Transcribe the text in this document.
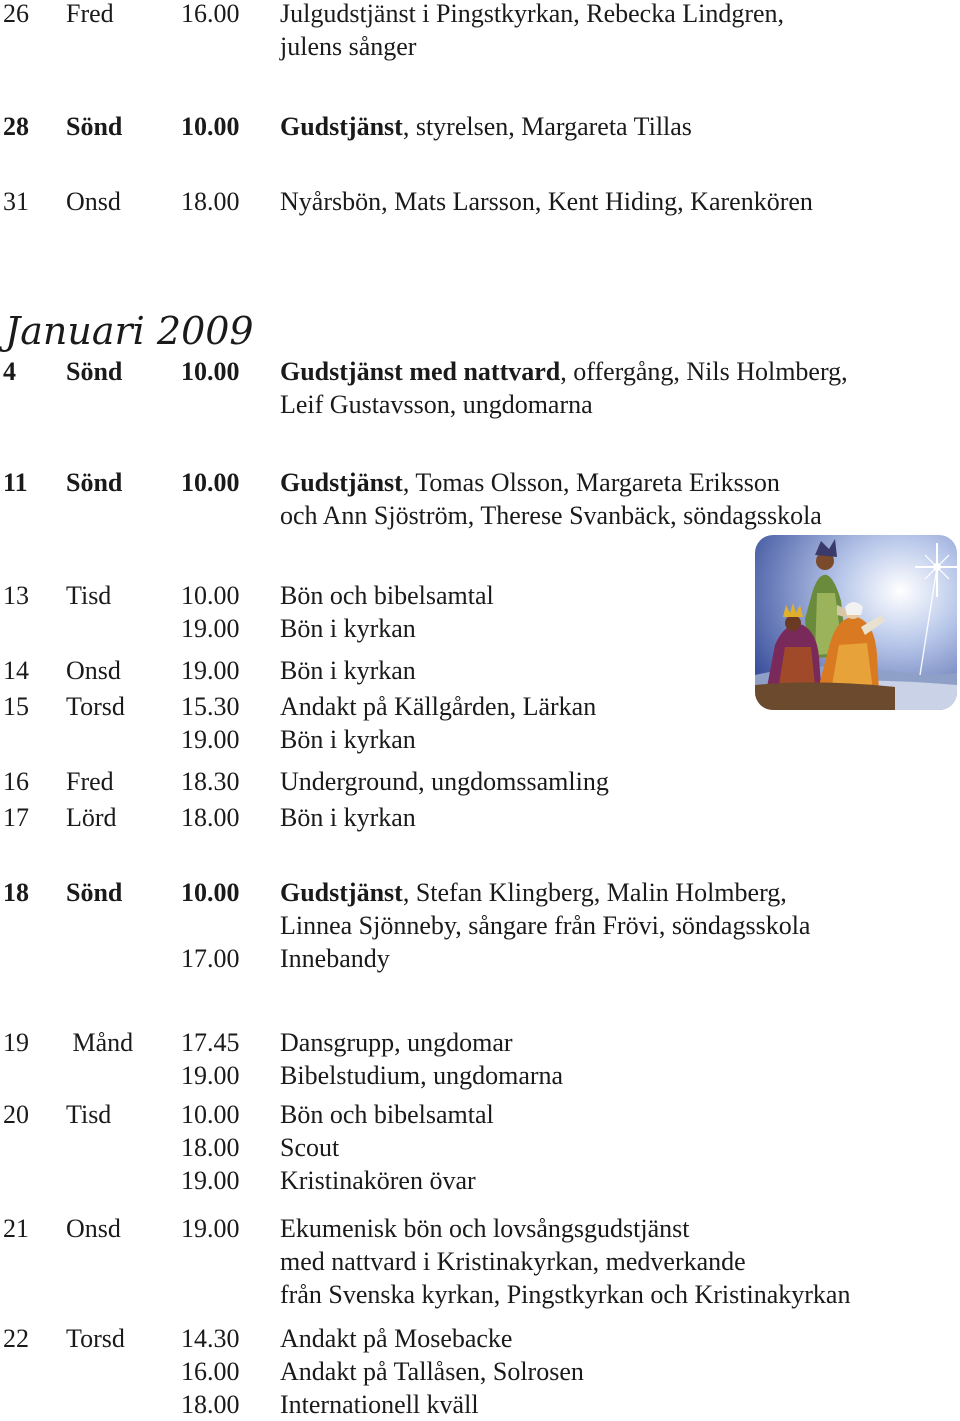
Januari 2009
26 Fred	16.00 Julgudstjänst i Pingstkyrkan, Rebecka Lindgren,
julens sånger
28 Sönd 10.00 Gudstjänst, styrelsen, Margareta Tillas
31 Onsd 18.00 Nyårsbön, Mats Larsson, Kent Hiding, Karenkören
4 Sönd 10.00 Gudstjänst med nattvard, offergång, Nils Holmberg,
Leif Gustavsson, ungdomarna
11 Sönd 10.00 Gudstjänst, Tomas Olsson, Margareta Eriksson
och Ann Sjöström, Therese Svanbäck, söndagsskola
13 Tisd	10.00 Bön och bibelsamtal
19.00 Bön i kyrkan
14 Onsd 19.00 Bön i kyrkan
15 Torsd 15.30 Andakt på Källgården, Lärkan
19.00 Bön i kyrkan
16 Fred	18.30 Underground, ungdomssamling
17 Lörd 18.00 Bön i kyrkan
18 Sönd 10.00 Gudstjänst, Stefan Klingberg, Malin Holmberg,
Linnea Sjönneby, sångare från Frövi, söndagsskola
17.00 Innebandy
19 Månd 17.45 Dansgrupp, ungdomar
19.00 Bibelstudium, ungdomarna
20 Tisd	10.00 Bön och bibelsamtal
18.00 Scout
19.00 Kristinakören övar
21 Onsd 19.00 Ekumenisk bön och lovsångsgudstjänst
med nattvard i Kristinakyrkan, medverkande
från Svenska kyrkan, Pingstkyrkan och Kristinakyrkan
22 Torsd 14.30 Andakt på Mosebacke
16.00 Andakt på Tallåsen, Solrosen
18.00 Internationell kväll
